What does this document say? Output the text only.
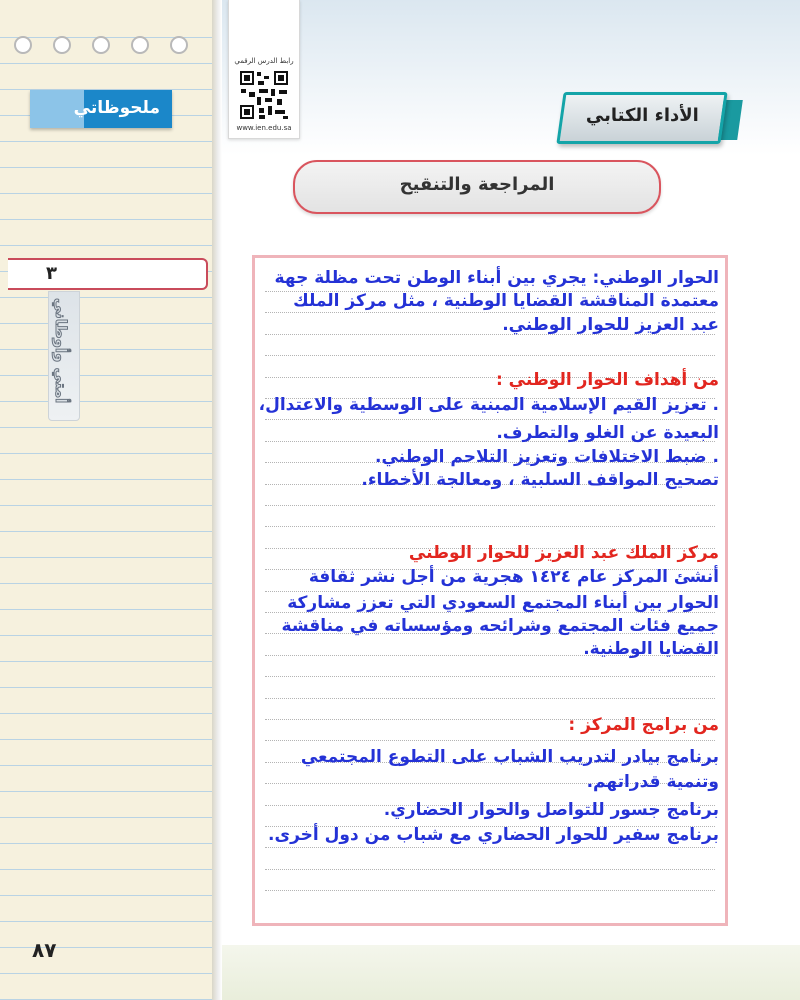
ملحوظاتي
٣
أمتي وأوطاني
٨٧
رابط الدرس الرقمي
www.ien.edu.sa
الأداء الكتابي
المراجعة والتنقيح
الحوار الوطني: يجري بين أبناء الوطن تحت مظلة جهة
معتمدة المناقشة القضايا الوطنية ، مثل مركز الملك
عبد العزيز للحوار الوطني.
من أهداف الحوار الوطني :
. تعزيز القيم الإسلامية المبنية على الوسطية والاعتدال،
البعيدة عن الغلو والتطرف.
. ضبط الاختلافات وتعزيز التلاحم الوطني.
تصحيح المواقف السلبية ، ومعالجة الأخطاء.
مركز الملك عبد العزيز للحوار الوطني
أنشئ المركز عام ١٤٢٤ هجرية من أجل نشر ثقافة
الحوار بين أبناء المجتمع السعودي التي تعزز مشاركة
جميع فئات المجتمع وشرائحه ومؤسساته في مناقشة
القضايا الوطنية.
من برامج المركز :
برنامج بيادر لتدريب الشباب على التطوع المجتمعي
وتنمية قدراتهم.
برنامج جسور للتواصل والحوار الحضاري.
برنامج سفير للحوار الحضاري مع شباب من دول أخرى.
